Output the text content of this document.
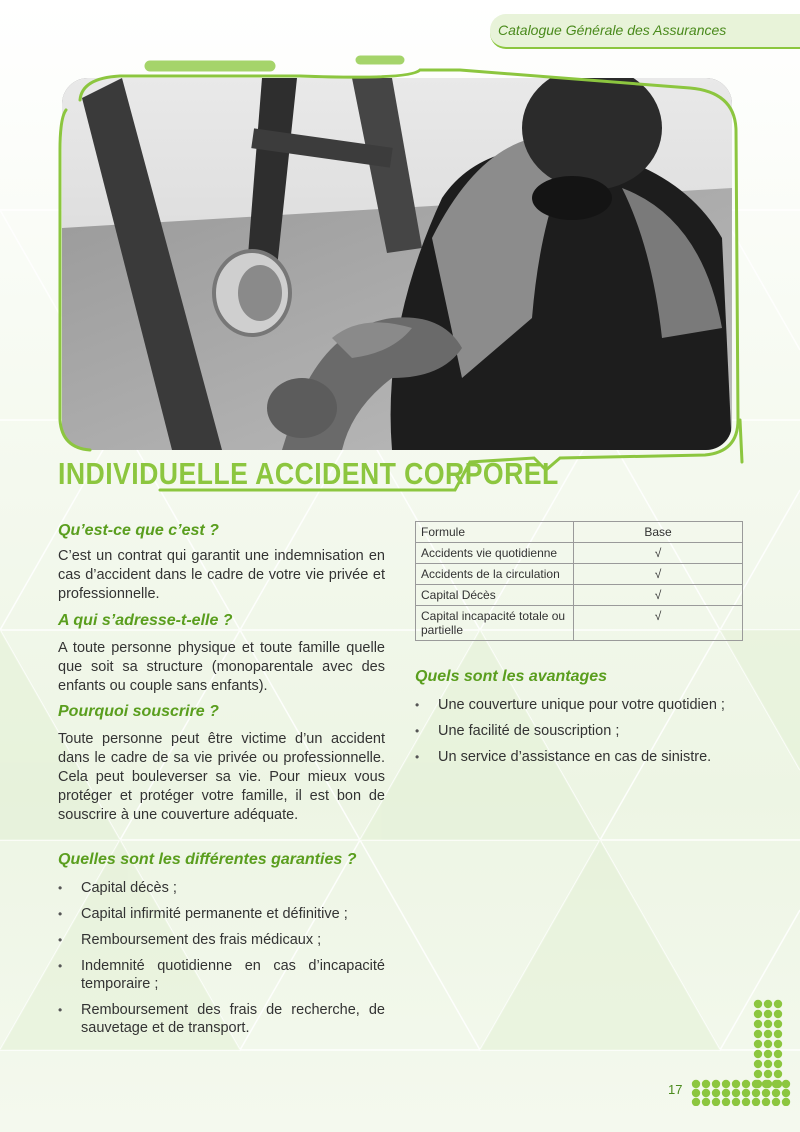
Catalogue Générale des Assurances
INDIVIDUELLE ACCIDENT CORPOREL
Qu’est-ce que c’est ?

C’est un contrat qui garantit une indemnisation en cas d’accident dans le cadre de votre vie privée et professionnelle.

A qui s’adresse-t-elle ?

A toute personne physique et toute famille quelle que soit sa structure (monoparentale avec des enfants ou couple sans enfants).

Pourquoi souscrire ?

Toute personne peut être victime d’un accident dans le cadre de sa vie privée ou professionnelle. Cela peut bouleverser sa vie. Pour mieux vous protéger et protéger votre famille, il est bon de souscrire à une couverture adéquate.

Quelles sont les différentes garanties ?
• Capital décès ;
• Capital infirmité permanente et définitive ;
• Remboursement des frais médicaux ;
• Indemnité quotidienne en cas d’incapacité temporaire ;
• Remboursement des frais de recherche, de sauvetage et de transport.
Formule	Base
Accidents vie quotidienne	√
Accidents de la circulation	√
Capital Décès	√
Capital incapacité totale ou partielle	√
Quels sont les avantages
• Une couverture unique pour votre quotidien ;
• Une facilité de souscription ;
• Un service d’assistance en cas de sinistre.
17
